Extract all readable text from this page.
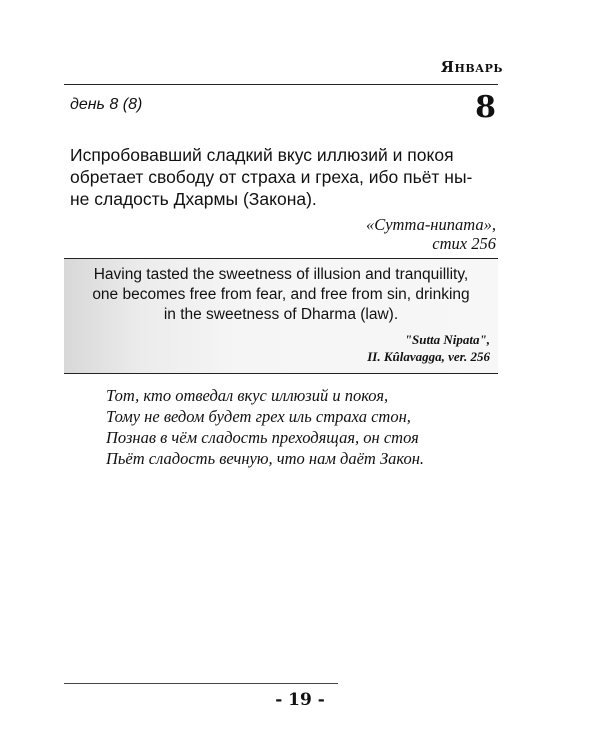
Январь
день 8 (8)	8
Испробовавший сладкий вкус иллюзий и покоя
обретает свободу от страха и греха, ибо пьёт ны-
не сладость Дхармы (Закона).
«Сутта-нипата»,
стих 256
Having tasted the sweetness of illusion and tranquillity,
one becomes free from fear, and free from sin, drinking
in the sweetness of Dharma (law).
"Sutta Nipata",
II. Kûlavagga, ver. 256
Тот, кто отведал вкус иллюзий и покоя,
Тому не ведом будет грех иль страха стон,
Познав в чём сладость преходящая, он стоя
Пьёт сладость вечную, что нам даёт Закон.
- 19 -
